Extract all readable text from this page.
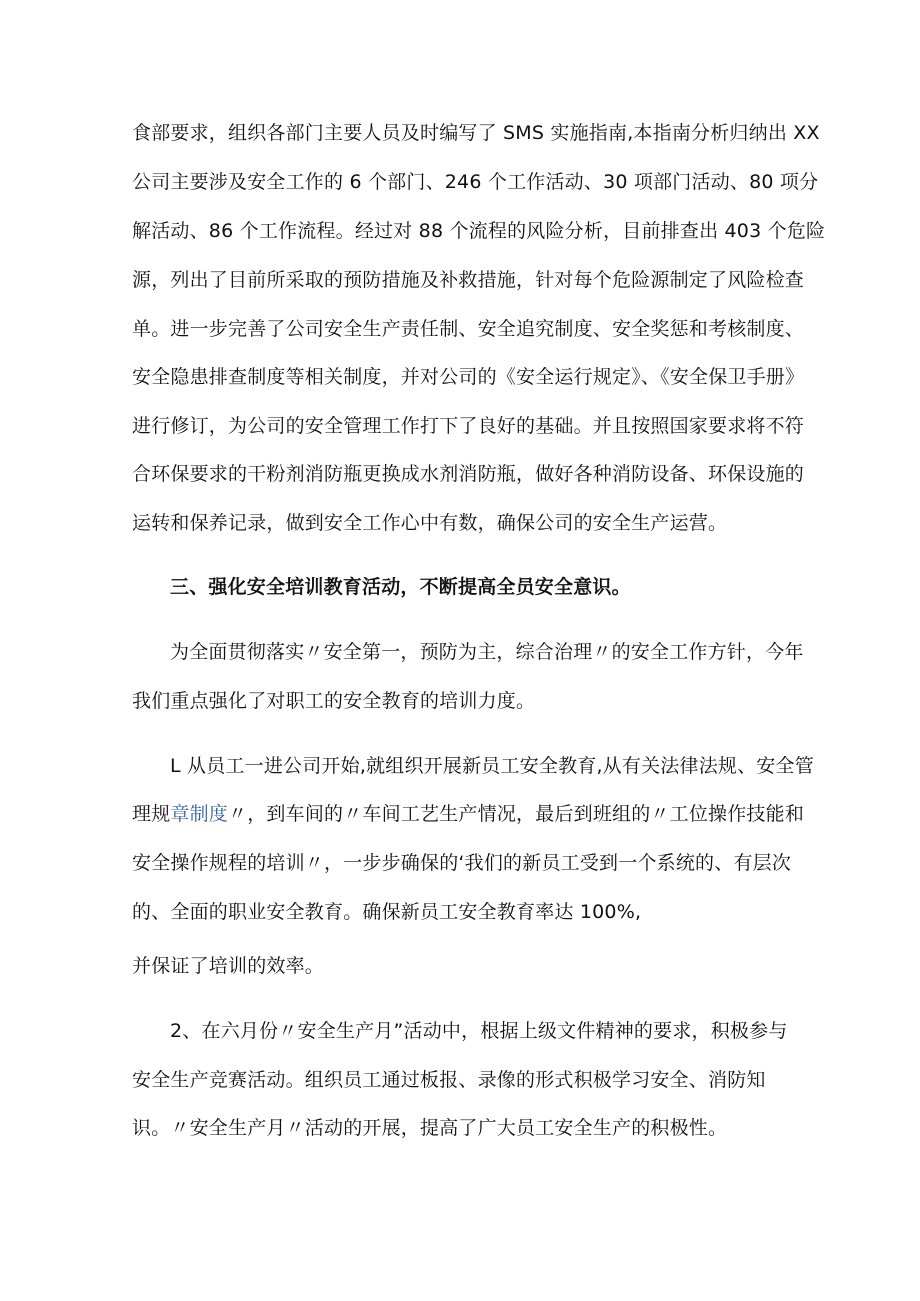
食部要求，组织各部门主要人员及时编写了 SMS 实施指南,本指南分析归纳出 XX
公司主要涉及安全工作的 6 个部门、246 个工作活动、30 项部门活动、80 项分
解活动、86 个工作流程。经过对 88 个流程的风险分析，目前排查出 403 个危险
源，列出了目前所采取的预防措施及补救措施，针对每个危险源制定了风险检查
单。进一步完善了公司安全生产责任制、安全追究制度、安全奖惩和考核制度、
安全隐患排查制度等相关制度，并对公司的《安全运行规定》、《安全保卫手册》
进行修订，为公司的安全管理工作打下了良好的基础。并且按照国家要求将不符
合环保要求的干粉剂消防瓶更换成水剂消防瓶，做好各种消防设备、环保设施的
运转和保养记录，做到安全工作心中有数，确保公司的安全生产运营。
三、强化安全培训教育活动，不断提高全员安全意识。
为全面贯彻落实〃安全第一，预防为主，综合治理〃的安全工作方针，今年
我们重点强化了对职工的安全教育的培训力度。
L 从员工一进公司开始,就组织开展新员工安全教育,从有关法律法规、安全管
理规章制度〃，到车间的〃车间工艺生产情况，最后到班组的〃工位操作技能和
安全操作规程的培训〃，一步步确保的‘我们的新员工受到一个系统的、有层次
的、全面的职业安全教育。确保新员工安全教育率达 100%,
并保证了培训的效率。
2、在六月份〃安全生产月”活动中，根据上级文件精神的要求，积极参与
安全生产竞赛活动。组织员工通过板报、录像的形式积极学习安全、消防知
识。〃安全生产月〃活动的开展，提高了广大员工安全生产的积极性。
